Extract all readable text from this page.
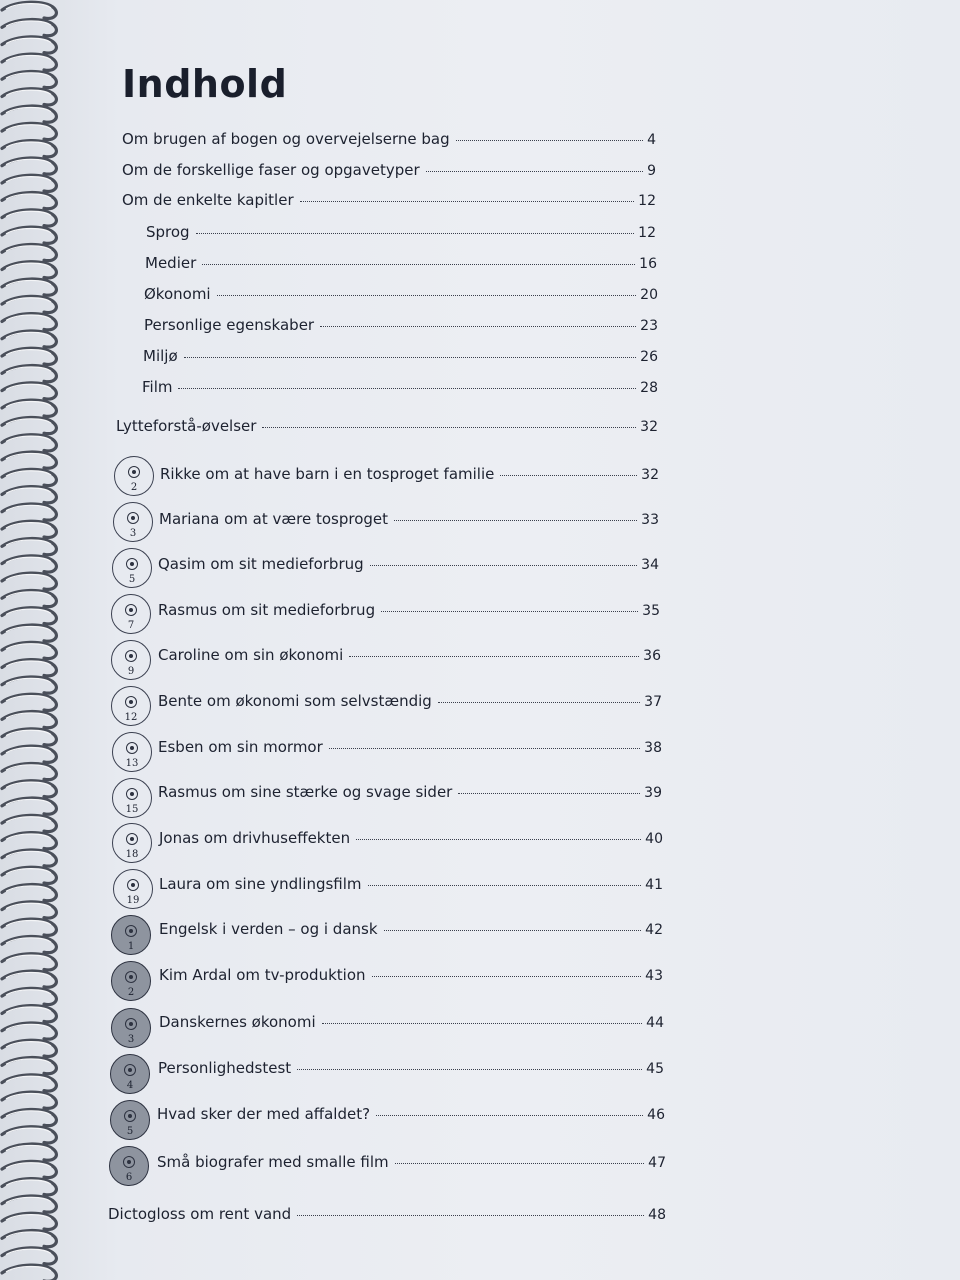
Indhold
Om brugen af bogen og overvejelserne bag	4
Om de forskellige faser og opgavetyper	9
Om de enkelte kapitler	12
Sprog	12
Medier	16
Økonomi	20
Personlige egenskaber	23
Miljø	26
Film	28
Lytteforstå-øvelser	32
2
Rikke om at have barn i en tosproget familie	32
3
Mariana om at være tosproget	33
5
Qasim om sit medieforbrug	34
7
Rasmus om sit medieforbrug	35
9
Caroline om sin økonomi	36
12
Bente om økonomi som selvstændig	37
13
Esben om sin mormor	38
15
Rasmus om sine stærke og svage sider	39
18
Jonas om drivhuseffekten	40
19
Laura om sine yndlingsfilm	41
1
Engelsk i verden – og i dansk	42
2
Kim Ardal om tv-produktion	43
3
Danskernes økonomi	44
4
Personlighedstest	45
5
Hvad sker der med affaldet?	46
6
Små biografer med smalle film	47
Dictogloss om rent vand	48
